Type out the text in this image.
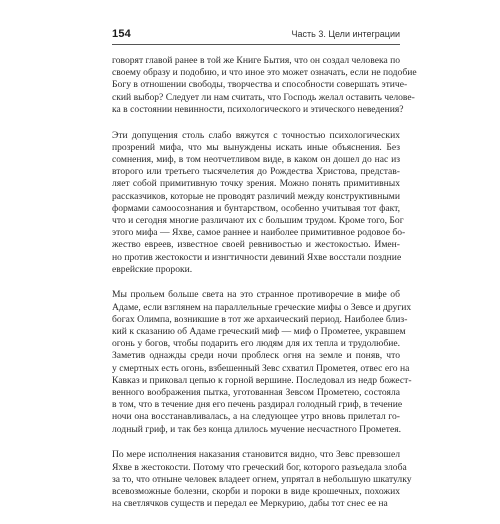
154	Часть 3. Цели интеграции
говорят главой ранее в той же Книге Бытия, что он создал человека по
своему образу и подобию, и что иное это может означать, если не подобие
Богу в отношении свободы, творчества и способности совершать этиче-
ский выбор? Следует ли нам считать, что Господь желал оставить челове-
ка в состоянии невинности, психологического и этического неведения?
Эти допущения столь слабо вяжутся с точностью психологических
прозрений мифа, что мы вынуждены искать иные объяснения. Без
сомнения, миф, в том неотчетливом виде, в каком он дошел до нас из
второго или третьего тысячелетия до Рождества Христова, представ-
ляет собой примитивную точку зрения. Можно понять примитивных
рассказчиков, которые не проводят различий между конструктивными
формами самоосознания и бунтарством, особенно учитывая тот факт,
что и сегодня многие различают их с большим трудом. Кроме того, Бог
этого мифа — Яхве, самое раннее и наиболее примитивное родовое бо-
жество евреев, известное своей ревнивостью и жестокостью. Имен-
но против жестокости и изнгтичности девиний Яхве восстали поздние
еврейские пророки.
Мы прольем больше света на это странное противоречие в мифе об
Адаме, если взглянем на параллельные греческие мифы о Зевсе и других
богах Олимпа, возникшие в тот же архаический период. Наиболее близ-
кий к сказанию об Адаме греческий миф — миф о Прометее, укравшем
огонь у богов, чтобы подарить его людям для их тепла и трудолюбие.
Заметив однажды среди ночи проблеск огня на земле и поняв, что
у смертных есть огонь, взбешенный Зевс схватил Прометея, отвес его на
Кавказ и приковал цепью к горной вершине. Последовал из недр божест-
венного воображения пытка, уготованная Зевсом Прометею, состояла
в том, что в течение дня его печень раздирал голодный гриф, в течение
ночи она восстанавливалась, а на следующее утро вновь прилетал го-
лодный гриф, и так без конца длилось мучение несчастного Прометея.
По мере исполнения наказания становится видно, что Зевс превзошел
Яхве в жестокости. Потому что греческий бог, которого разъедала злоба
за то, что отныне человек владеет огнем, упрятал в небольшую шкатулку
всевозможные болезни, скорби и пороки в виде крошечных, похожих
на светлячков существ и передал ее Меркурию, дабы тот снес ее на
